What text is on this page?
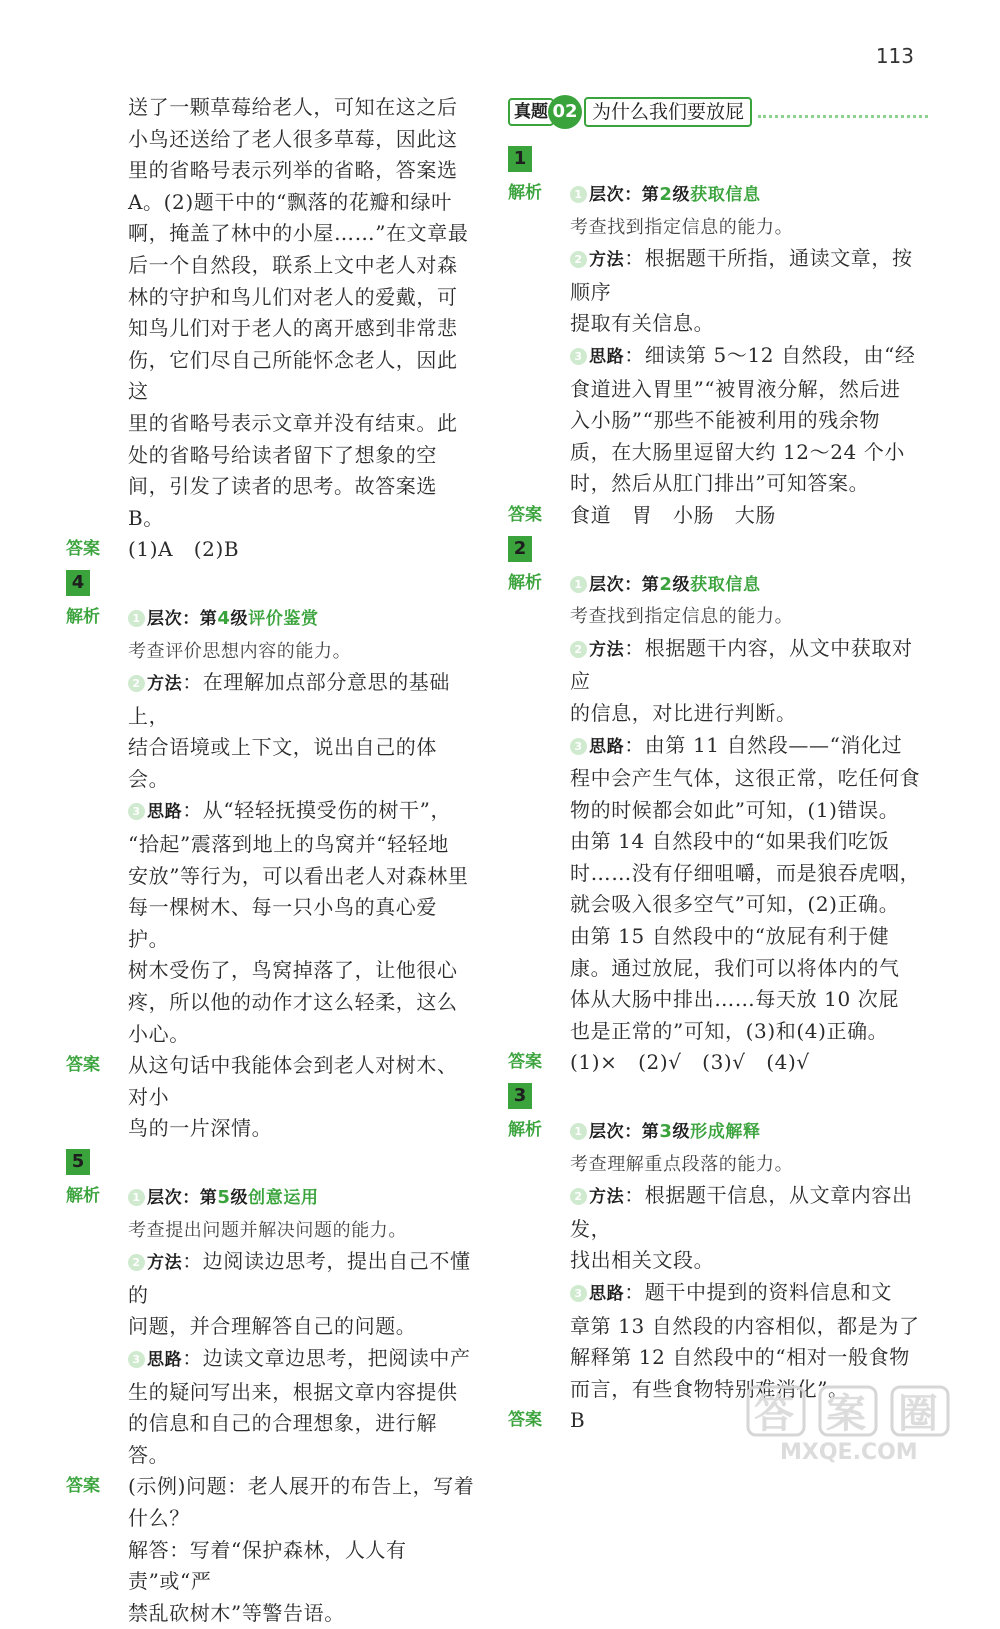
113

送了一颗草莓给老人，可知在这之后

小鸟还送给了老人很多草莓，因此这

里的省略号表示列举的省略，答案选

A。(2)题干中的“飘落的花瓣和绿叶

啊，掩盖了林中的小屋……”在文章最

后一个自然段，联系上文中老人对森

林的守护和鸟儿们对老人的爱戴，可

知鸟儿们对于老人的离开感到非常悲

伤，它们尽自己所能怀念老人，因此这

里的省略号表示文章并没有结束。此

处的省略号给读者留下了想象的空

间，引发了读者的思考。故答案选 B。

答案	(1)A　(2)B

4
解析	1 层次：第4级评价鉴赏

考查评价思想内容的能力。

2 方法：在理解加点部分意思的基础上，

结合语境或上下文，说出自己的体会。

3 思路：从“轻轻抚摸受伤的树干”，

“拾起”震落到地上的鸟窝并“轻轻地

安放”等行为，可以看出老人对森林里

每一棵树木、每一只小鸟的真心爱护。

树木受伤了，鸟窝掉落了，让他很心

疼，所以他的动作才这么轻柔，这么

小心。

答案	从这句话中我能体会到老人对树木、对小

鸟的一片深情。

5
解析	1 层次：第5级创意运用

考查提出问题并解决问题的能力。

2 方法：边阅读边思考，提出自己不懂的

问题，并合理解答自己的问题。

3 思路：边读文章边思考，把阅读中产

生的疑问写出来，根据文章内容提供

的信息和自己的合理想象，进行解答。

答案	(示例)问题：老人展开的布告上，写着

什么？

解答：写着“保护森林，人人有责”或“严

禁乱砍树木”等警告语。

真题 02 为什么我们要放屁
1
解析	1 层次：第2级获取信息

考查找到指定信息的能力。

2 方法：根据题干所指，通读文章，按顺序

提取有关信息。

3 思路：细读第 5～12 自然段，由“经

食道进入胃里”“被胃液分解，然后进

入小肠”“那些不能被利用的残余物

质，在大肠里逗留大约 12～24 个小

时，然后从肛门排出”可知答案。

答案	食道　胃　小肠　大肠

2
解析	1 层次：第2级获取信息

考查找到指定信息的能力。

2 方法：根据题干内容，从文中获取对应

的信息，对比进行判断。

3 思路：由第 11 自然段——“消化过

程中会产生气体，这很正常，吃任何食

物的时候都会如此”可知，(1)错误。

由第 14 自然段中的“如果我们吃饭

时……没有仔细咀嚼，而是狼吞虎咽，

就会吸入很多空气”可知，(2)正确。

由第 15 自然段中的“放屁有利于健

康。通过放屁，我们可以将体内的气

体从大肠中排出……每天放 10 次屁

也是正常的”可知，(3)和(4)正确。

答案	(1)×　(2)√　(3)√　(4)√

3
解析	1 层次：第3级形成解释

考查理解重点段落的能力。

2 方法：根据题干信息，从文章内容出发，

找出相关文段。

3 思路：题干中提到的资料信息和文

章第 13 自然段的内容相似，都是为了

解释第 12 自然段中的“相对一般食物

而言，有些食物特别难消化”。

答案	B	答 案 圈
MXQE.COM
